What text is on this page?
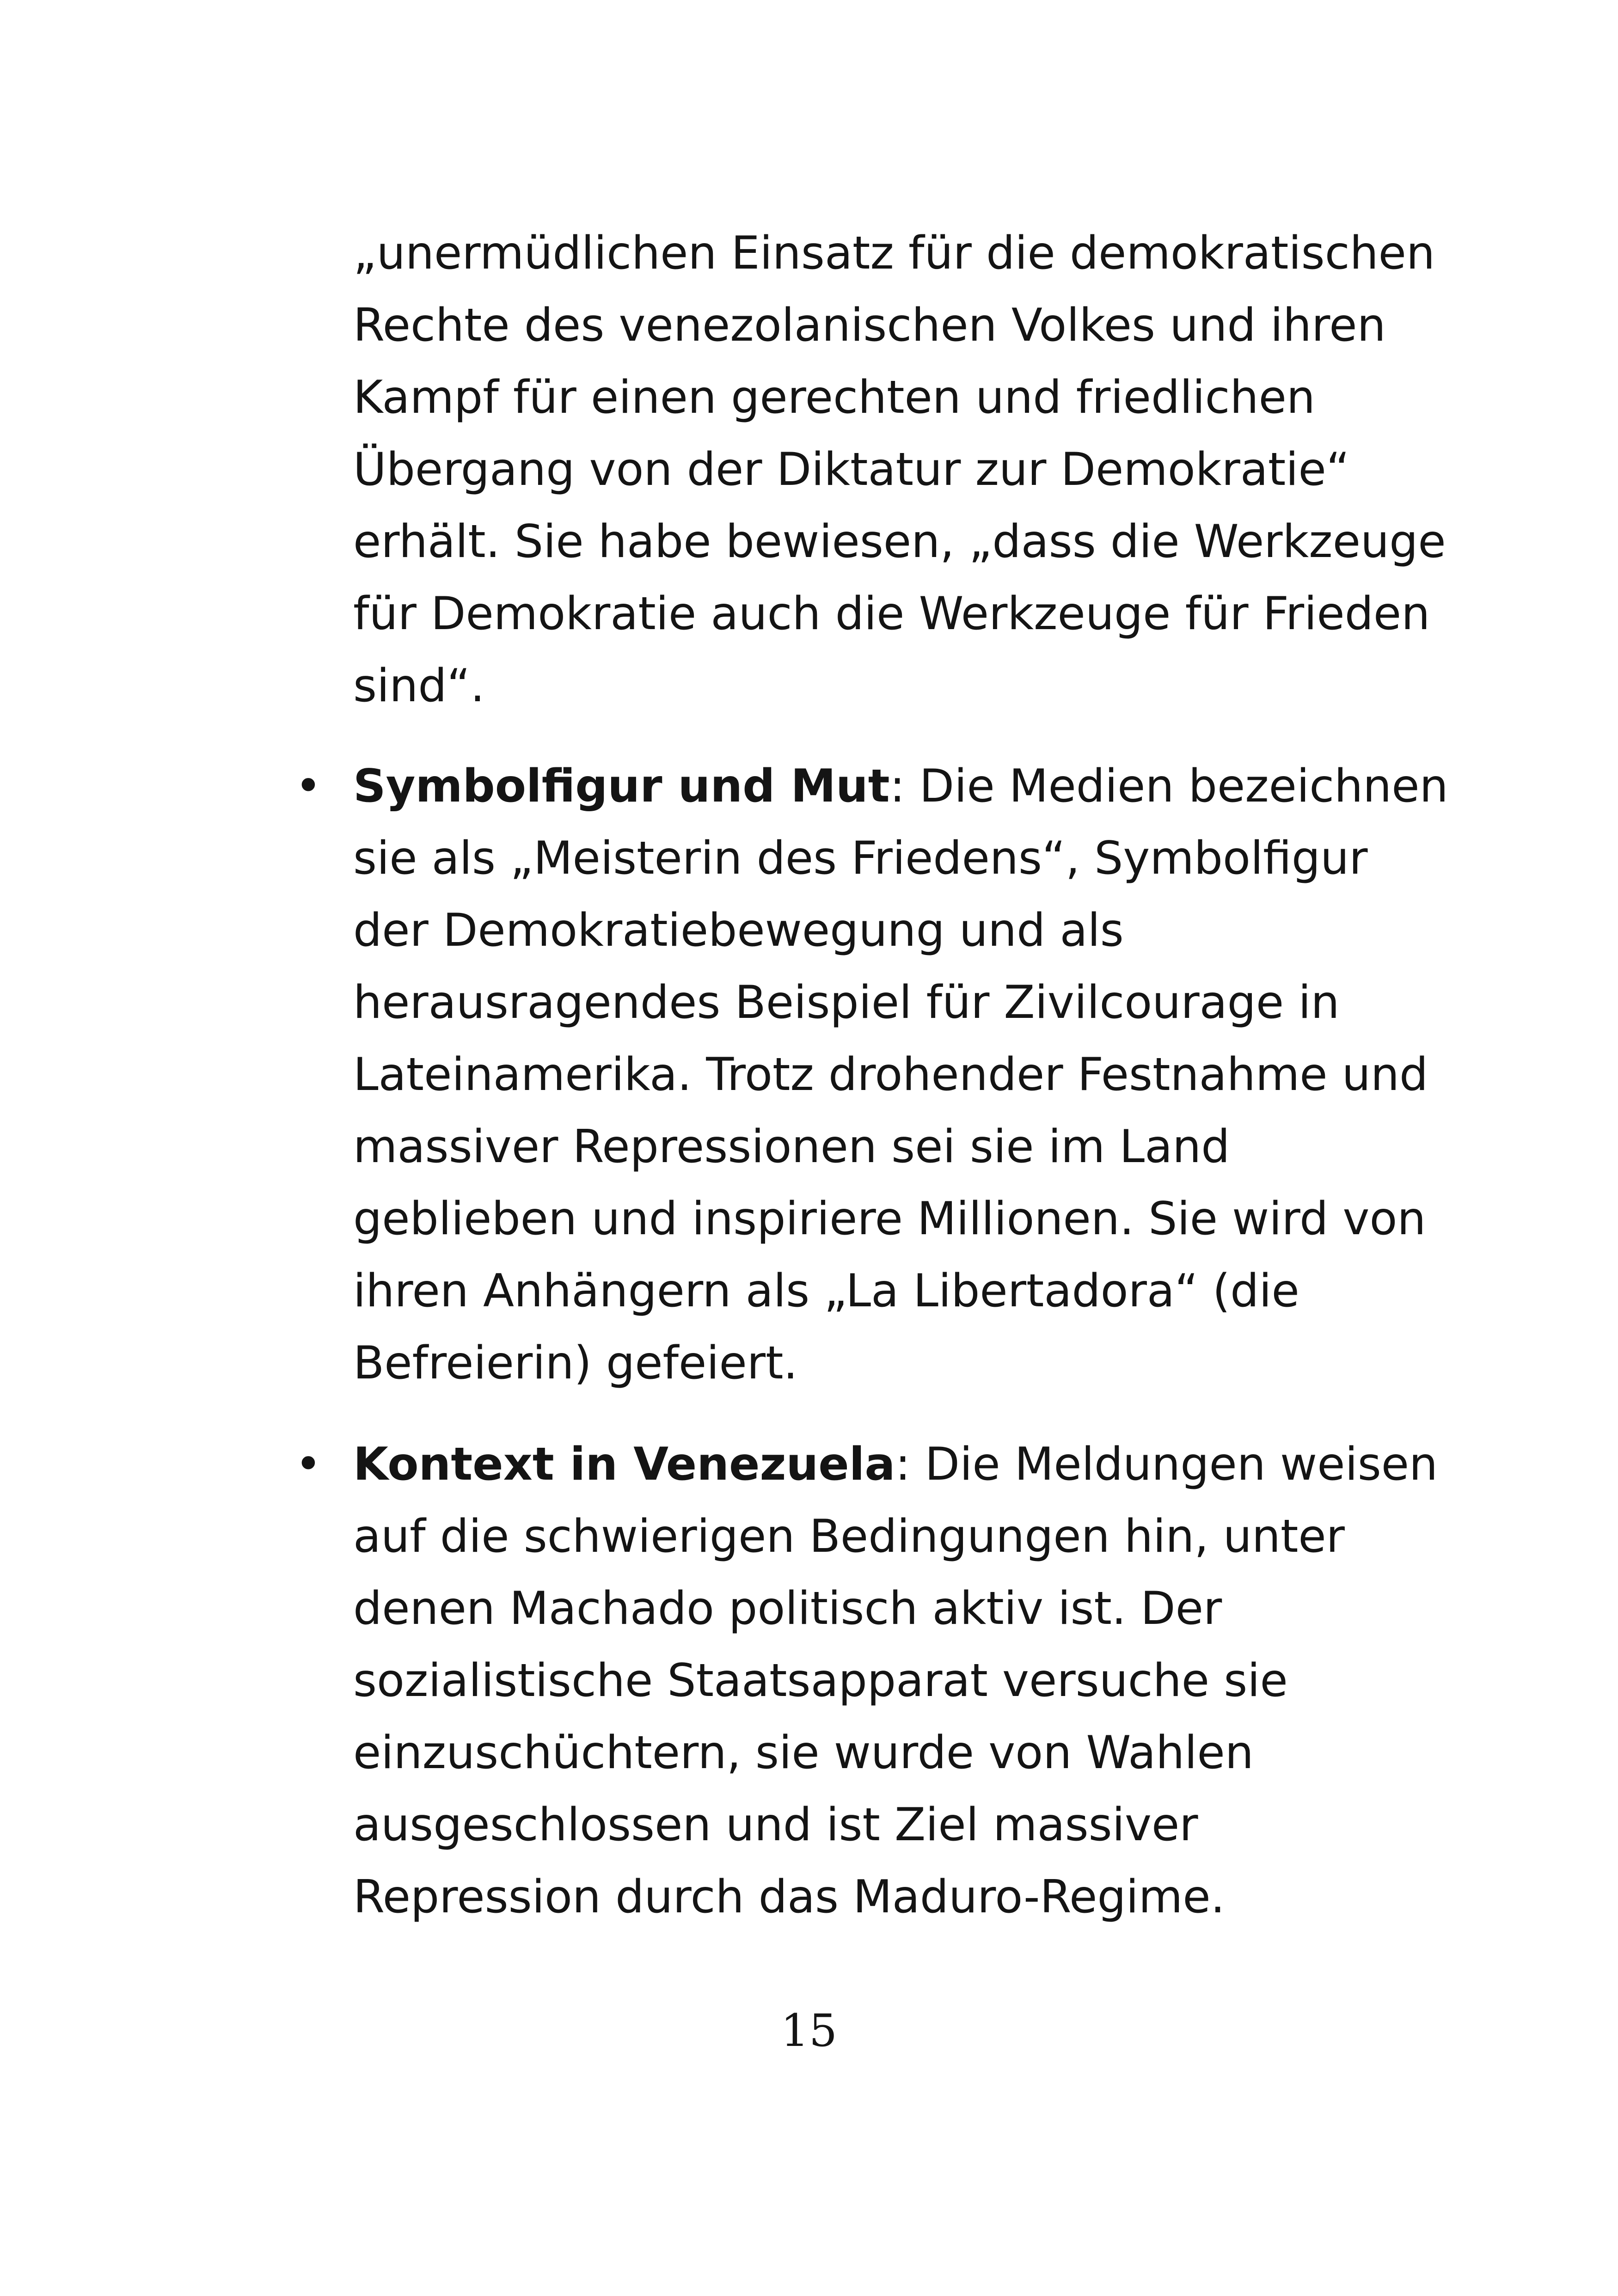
„unermüdlichen Einsatz für die demokratischen
Rechte des venezolanischen Volkes und ihren
Kampf für einen gerechten und friedlichen
Übergang von der Diktatur zur Demokratie“
erhält. Sie habe bewiesen, „dass die Werkzeuge
für Demokratie auch die Werkzeuge für Frieden
sind“.
• Symbolfigur und Mut: Die Medien bezeichnen
sie als „Meisterin des Friedens“, Symbolfigur
der Demokratiebewegung und als
herausragendes Beispiel für Zivilcourage in
Lateinamerika. Trotz drohender Festnahme und
massiver Repressionen sei sie im Land
geblieben und inspiriere Millionen. Sie wird von
ihren Anhängern als „La Libertadora“ (die
Befreierin) gefeiert.
• Kontext in Venezuela: Die Meldungen weisen
auf die schwierigen Bedingungen hin, unter
denen Machado politisch aktiv ist. Der
sozialistische Staatsapparat versuche sie
einzuschüchtern, sie wurde von Wahlen
ausgeschlossen und ist Ziel massiver
Repression durch das Maduro-Regime.
15
